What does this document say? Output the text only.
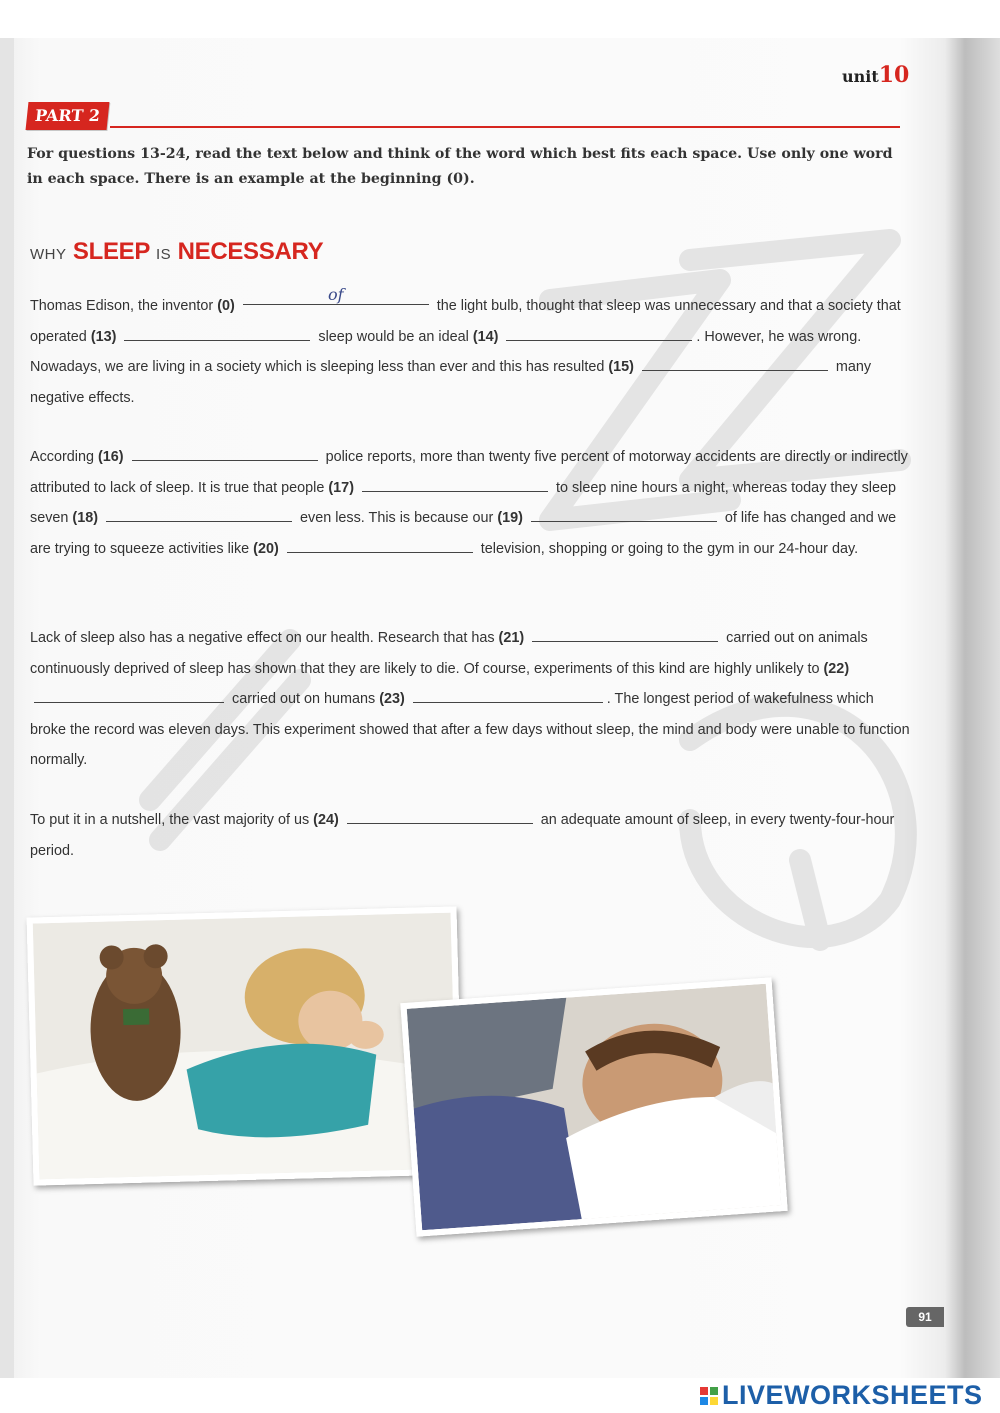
unit10
PART 2
For questions 13-24, read the text below and think of the word which best fits each space. Use only one word in each space. There is an example at the beginning (0).
WHY SLEEP IS NECESSARY
Thomas Edison, the inventor (0) of the light bulb, thought that sleep was unnecessary and that a society that operated (13)	sleep would be an ideal (14)	. However, he was wrong. Nowadays, we are living in a society which is sleeping less than ever and this has resulted (15)	many negative effects.
According (16)	police reports, more than twenty five percent of motorway accidents are directly or indirectly attributed to lack of sleep. It is true that people (17)	to sleep nine hours a night, whereas today they sleep seven (18)	even less. This is because our (19)	of life has changed and we are trying to squeeze activities like (20)	television, shopping or going to the gym in our 24-hour day.
Lack of sleep also has a negative effect on our health. Research that has (21)	carried out on animals continuously deprived of sleep has shown that they are likely to die. Of course, experiments of this kind are highly unlikely to (22)  carried out on humans (23)	. The longest period of wakefulness which broke the record was eleven days. This experiment showed that after a few days without sleep, the mind and body were unable to function normally.
To put it in a nutshell, the vast majority of us (24)	an adequate amount of sleep, in every twenty-four-hour period.
91
LIVEWORKSHEETS
